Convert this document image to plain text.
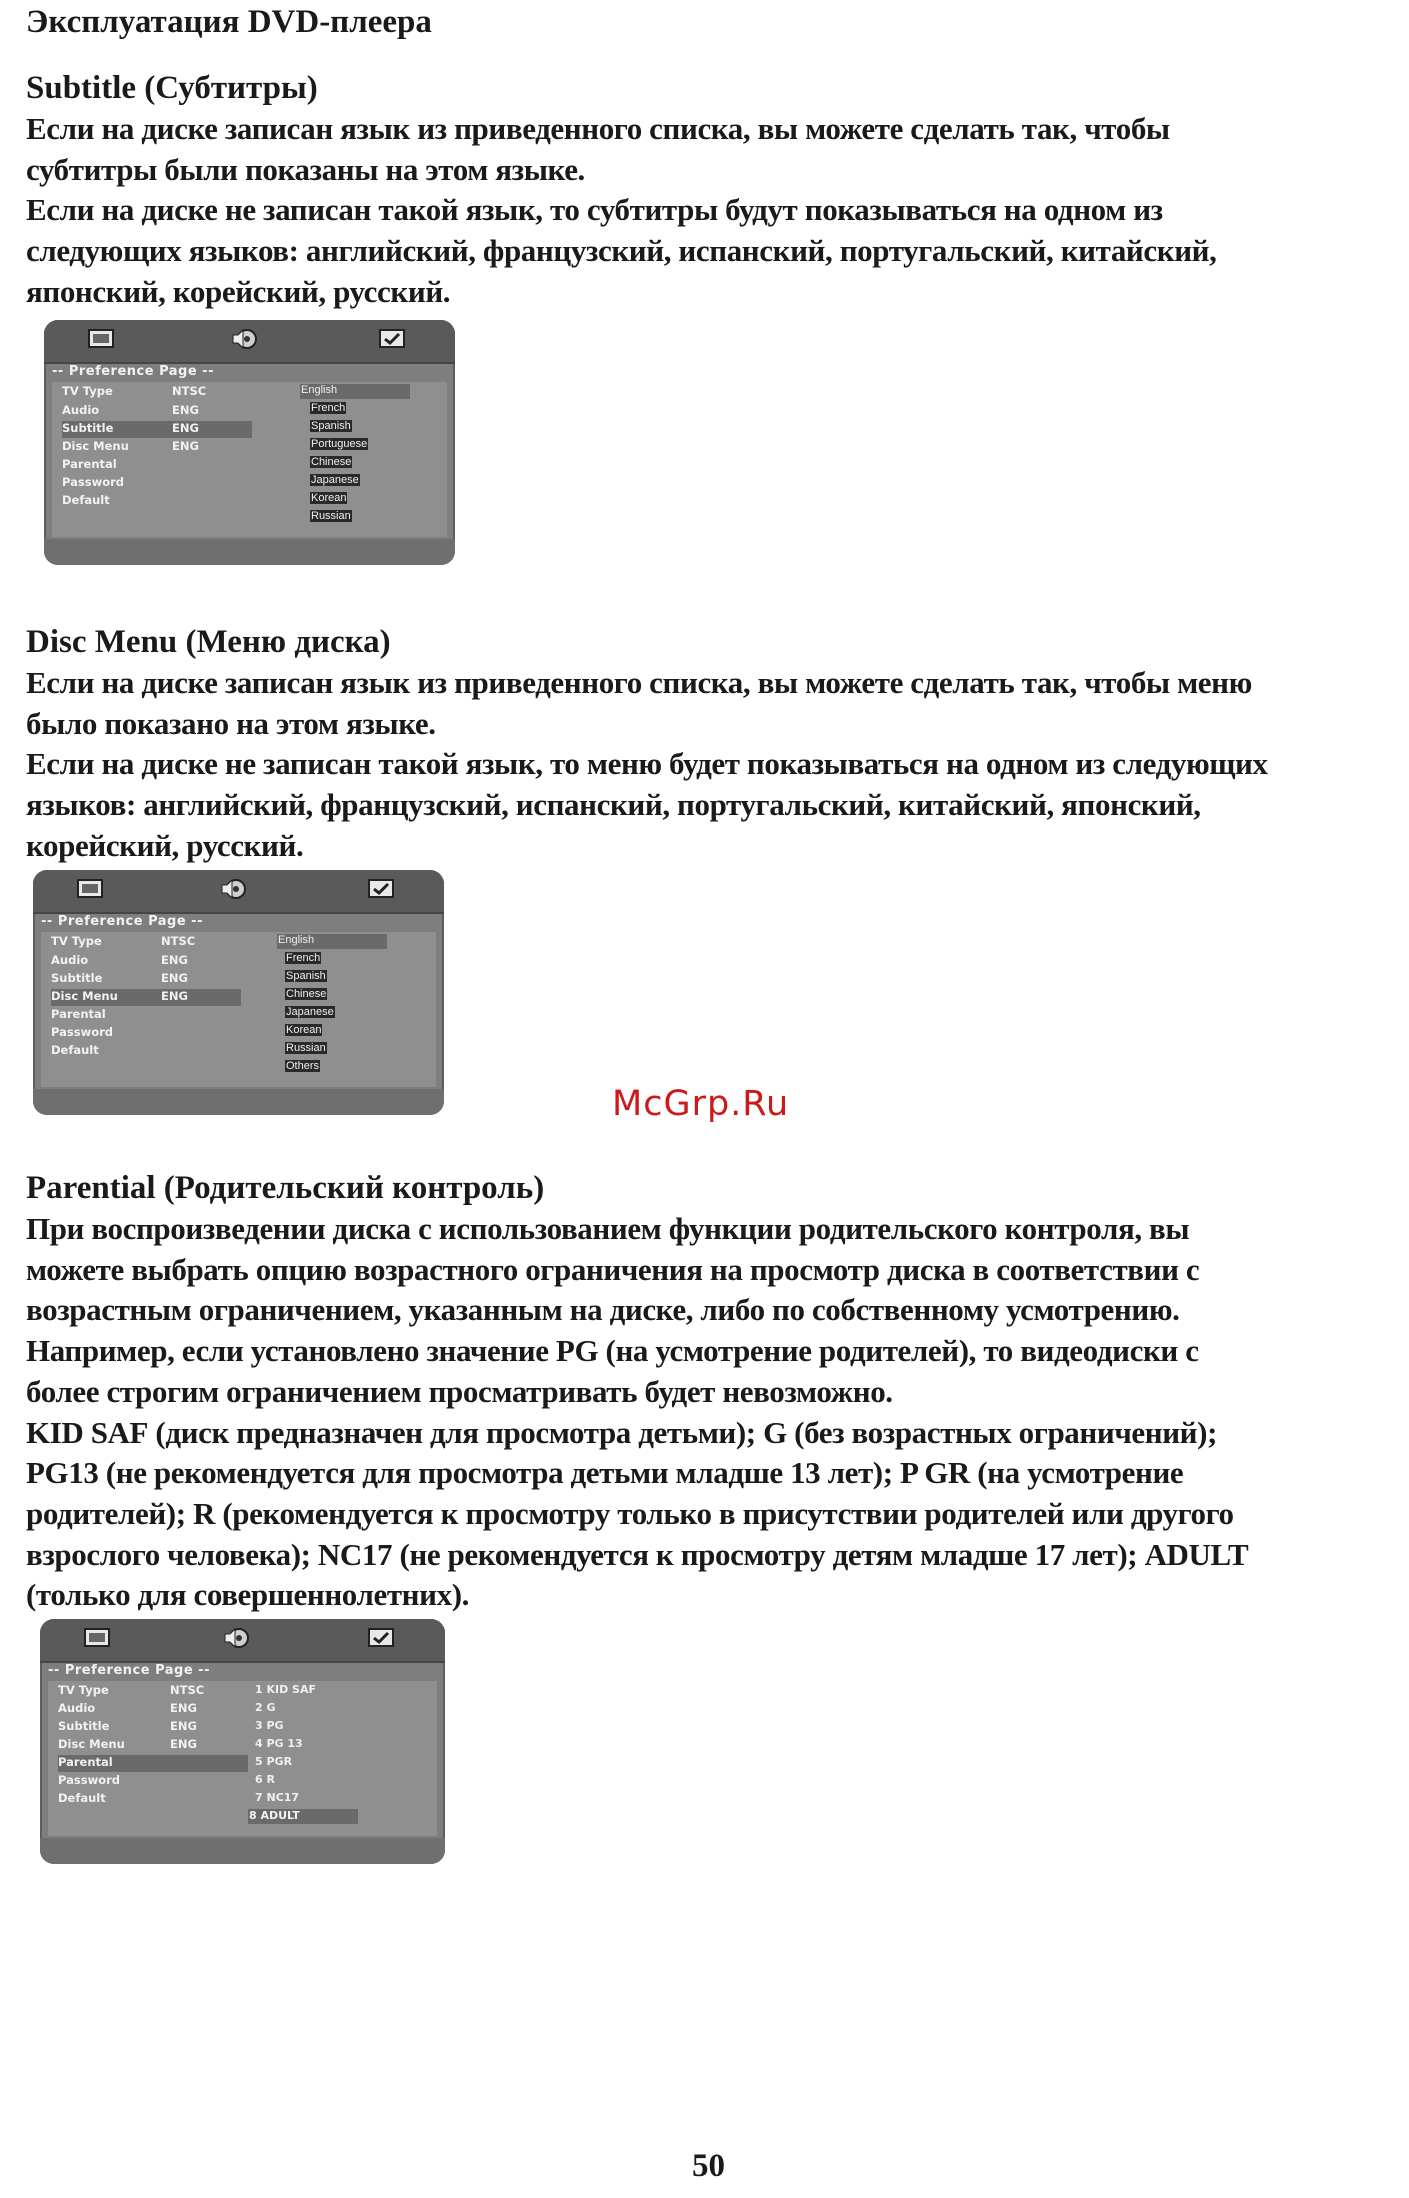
Эксплуатация DVD-плеера
Subtitle (Субтитры)
Если на диске записан язык из приведенного списка, вы можете сделать так, чтобы
субтитры были показаны на этом языке.
Если на диске не записан такой язык, то субтитры будут показываться на одном из
следующих языков: английский, французский, испанский, португальский, китайский,
японский, корейский, русский.
-- Preference Page --
TV Type	NTSC
Audio	ENG
Subtitle	ENG
Disc Menu	ENG
Parental
Password
Default
English
French
Spanish
Portuguese
Chinese
Japanese
Korean
Russian
Disc Menu (Меню диска)
Если на диске записан язык из приведенного списка, вы можете сделать так, чтобы меню
было показано на этом языке.
Если на диске не записан такой язык, то меню будет показываться на одном из следующих
языков: английский, французский, испанский, португальский, китайский, японский,
корейский, русский.
-- Preference Page --
TV Type	NTSC
Audio	ENG
Subtitle	ENG
Disc Menu	ENG
Parental
Password
Default
English
French
Spanish
Chinese
Japanese
Korean
Russian
Others
McGrp.Ru
Parential (Родительский контроль)
При воспроизведении диска с использованием функции родительского контроля, вы
можете выбрать опцию возрастного ограничения на просмотр диска в соответствии с
возрастным ограничением, указанным на диске, либо по собственному усмотрению.
Например, если установлено значение PG (на усмотрение родителей), то видеодиски с
более строгим ограничением просматривать будет невозможно.
KID SAF (диск предназначен для просмотра детьми); G (без возрастных ограничений);
PG13 (не рекомендуется для просмотра детьми младше 13 лет); P GR (на усмотрение
родителей); R (рекомендуется к просмотру только в присутствии родителей или другого
взрослого человека); NC17 (не рекомендуется к просмотру детям младше 17 лет); ADULT
(только для совершеннолетних).
-- Preference Page --
TV Type	NTSC
Audio	ENG
Subtitle	ENG
Disc Menu	ENG
Parental
Password
Default
1 KID SAF
2 G
3 PG
4 PG 13
5 PGR
6 R
7 NC17
8 ADULT
50
